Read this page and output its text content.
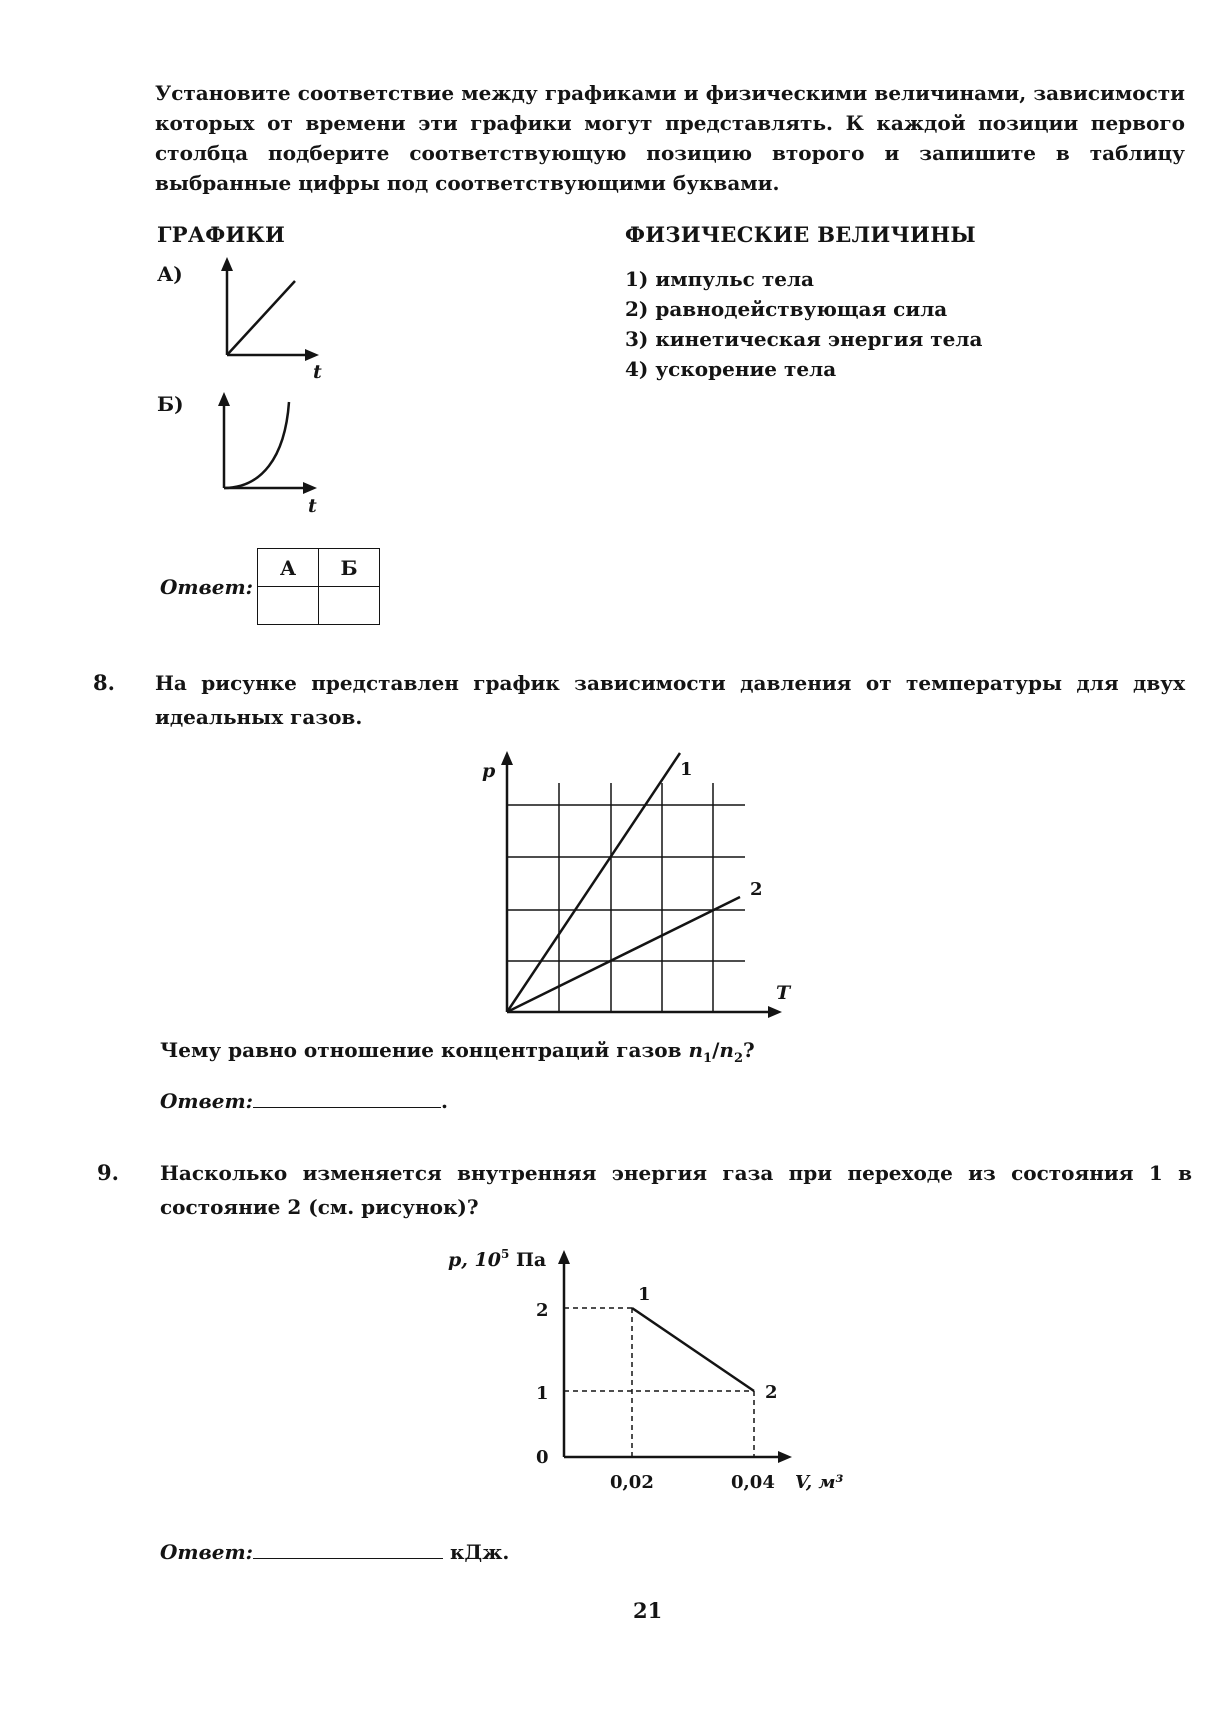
Установите соответствие между графиками и физическими величинами, зависимости которых от времени эти графики могут представлять. К каждой позиции первого столбца подберите соответствующую позицию второго и запишите в таблицу выбранные цифры под соответствующими буквами.
ГРАФИКИ	ФИЗИЧЕСКИЕ ВЕЛИЧИНЫ
А)
t
Б)
t
1) импульс тела
2) равнодействующая сила
3) кинетическая энергия тела
4) ускорение тела
Ответ:
А	Б

8. На рисунке представлен график зависимости давления от температуры для двух идеальных газов.
p
T
1
2
Чему равно отношение концентраций газов $n_1/n_2$?
Ответ:	.
9. Насколько изменяется внутренняя энергия газа при переходе из состояния 1 в состояние 2 (см. рисунок)?
p, $10^5$ Па
2
1
0
0,02	0,04 V, м³
1
2
Ответ:	кДж.
21
